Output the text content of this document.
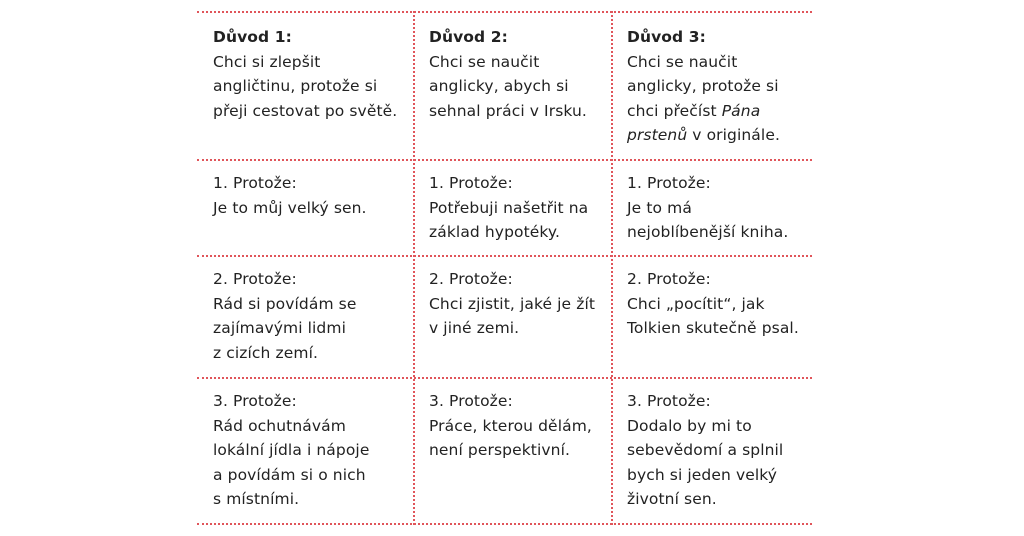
Důvod 1:
Chci si zlepšit
angličtinu, protože si
přeji cestovat po světě.
Důvod 2:
Chci se naučit
anglicky, abych si
sehnal práci v Irsku.
Důvod 3:
Chci se naučit
anglicky, protože si
chci přečíst Pána
prstenů v originále.
1. Protože:
Je to můj velký sen.
1. Protože:
Potřebuji našetřit na
základ hypotéky.
1. Protože:
Je to má
nejoblíbenější kniha.
2. Protože:
Rád si povídám se
zajímavými lidmi
z cizích zemí.
2. Protože:
Chci zjistit, jaké je žít
v jiné zemi.
2. Protože:
Chci „pocítit“, jak
Tolkien skutečně psal.
3. Protože:
Rád ochutnávám
lokální jídla i nápoje
a povídám si o nich
s místními.
3. Protože:
Práce, kterou dělám,
není perspektivní.
3. Protože:
Dodalo by mi to
sebevědomí a splnil
bych si jeden velký
životní sen.
